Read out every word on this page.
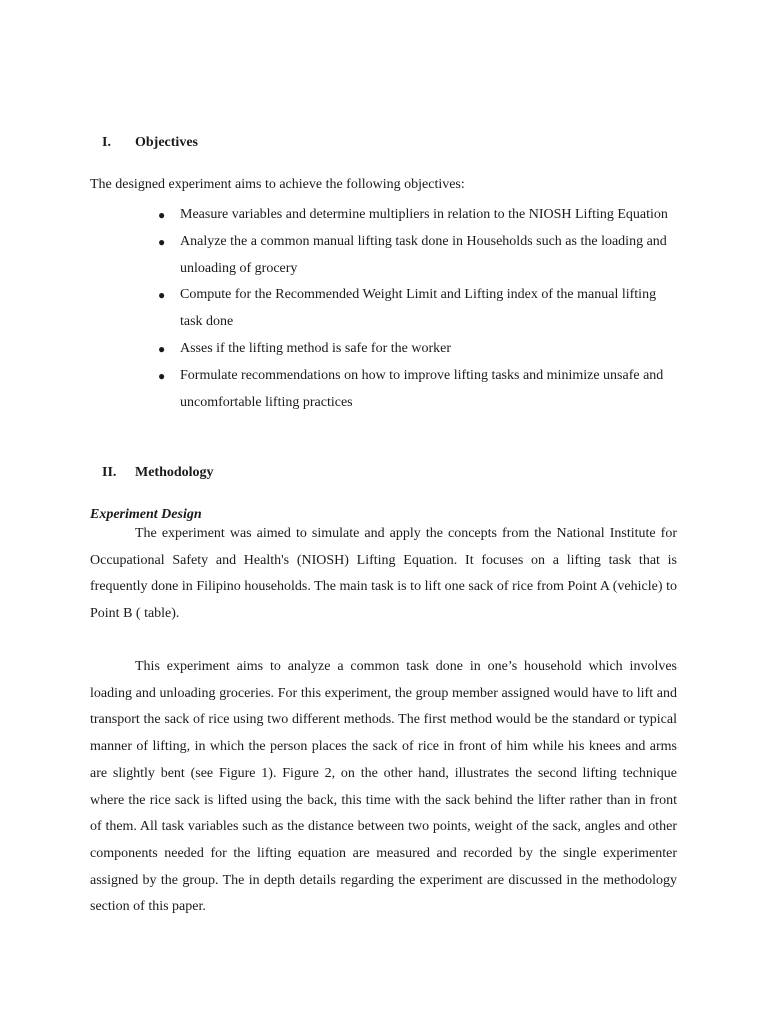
I. Objectives
The designed experiment aims to achieve the following objectives:
● Measure variables and determine multipliers in relation to the NIOSH Lifting Equation
● Analyze the a common manual lifting task done in Households such as the loading and unloading of grocery
● Compute for the Recommended Weight Limit and Lifting index of the manual lifting task done
● Asses if the lifting method is safe for the worker
● Formulate recommendations on how to improve lifting tasks and minimize unsafe and uncomfortable lifting practices
II. Methodology
Experiment Design

The experiment was aimed to simulate and apply the concepts from the National Institute for Occupational Safety and Health's (NIOSH) Lifting Equation. It focuses on a lifting task that is frequently done in Filipino households. The main task is to lift one sack of rice from Point A (vehicle) to Point B ( table).

This experiment aims to analyze a common task done in one’s household which involves loading and unloading groceries. For this experiment, the group member assigned would have to lift and transport the sack of rice using two different methods. The first method would be the standard or typical manner of lifting, in which the person places the sack of rice in front of him while his knees and arms are slightly bent (see Figure 1). Figure 2, on the other hand, illustrates the second lifting technique where the rice sack is lifted using the back, this time with the sack behind the lifter rather than in front of them. All task variables such as the distance between two points, weight of the sack, angles and other components needed for the lifting equation are measured and recorded by the single experimenter assigned by the group. The in depth details regarding the experiment are discussed in the methodology section of this paper.
